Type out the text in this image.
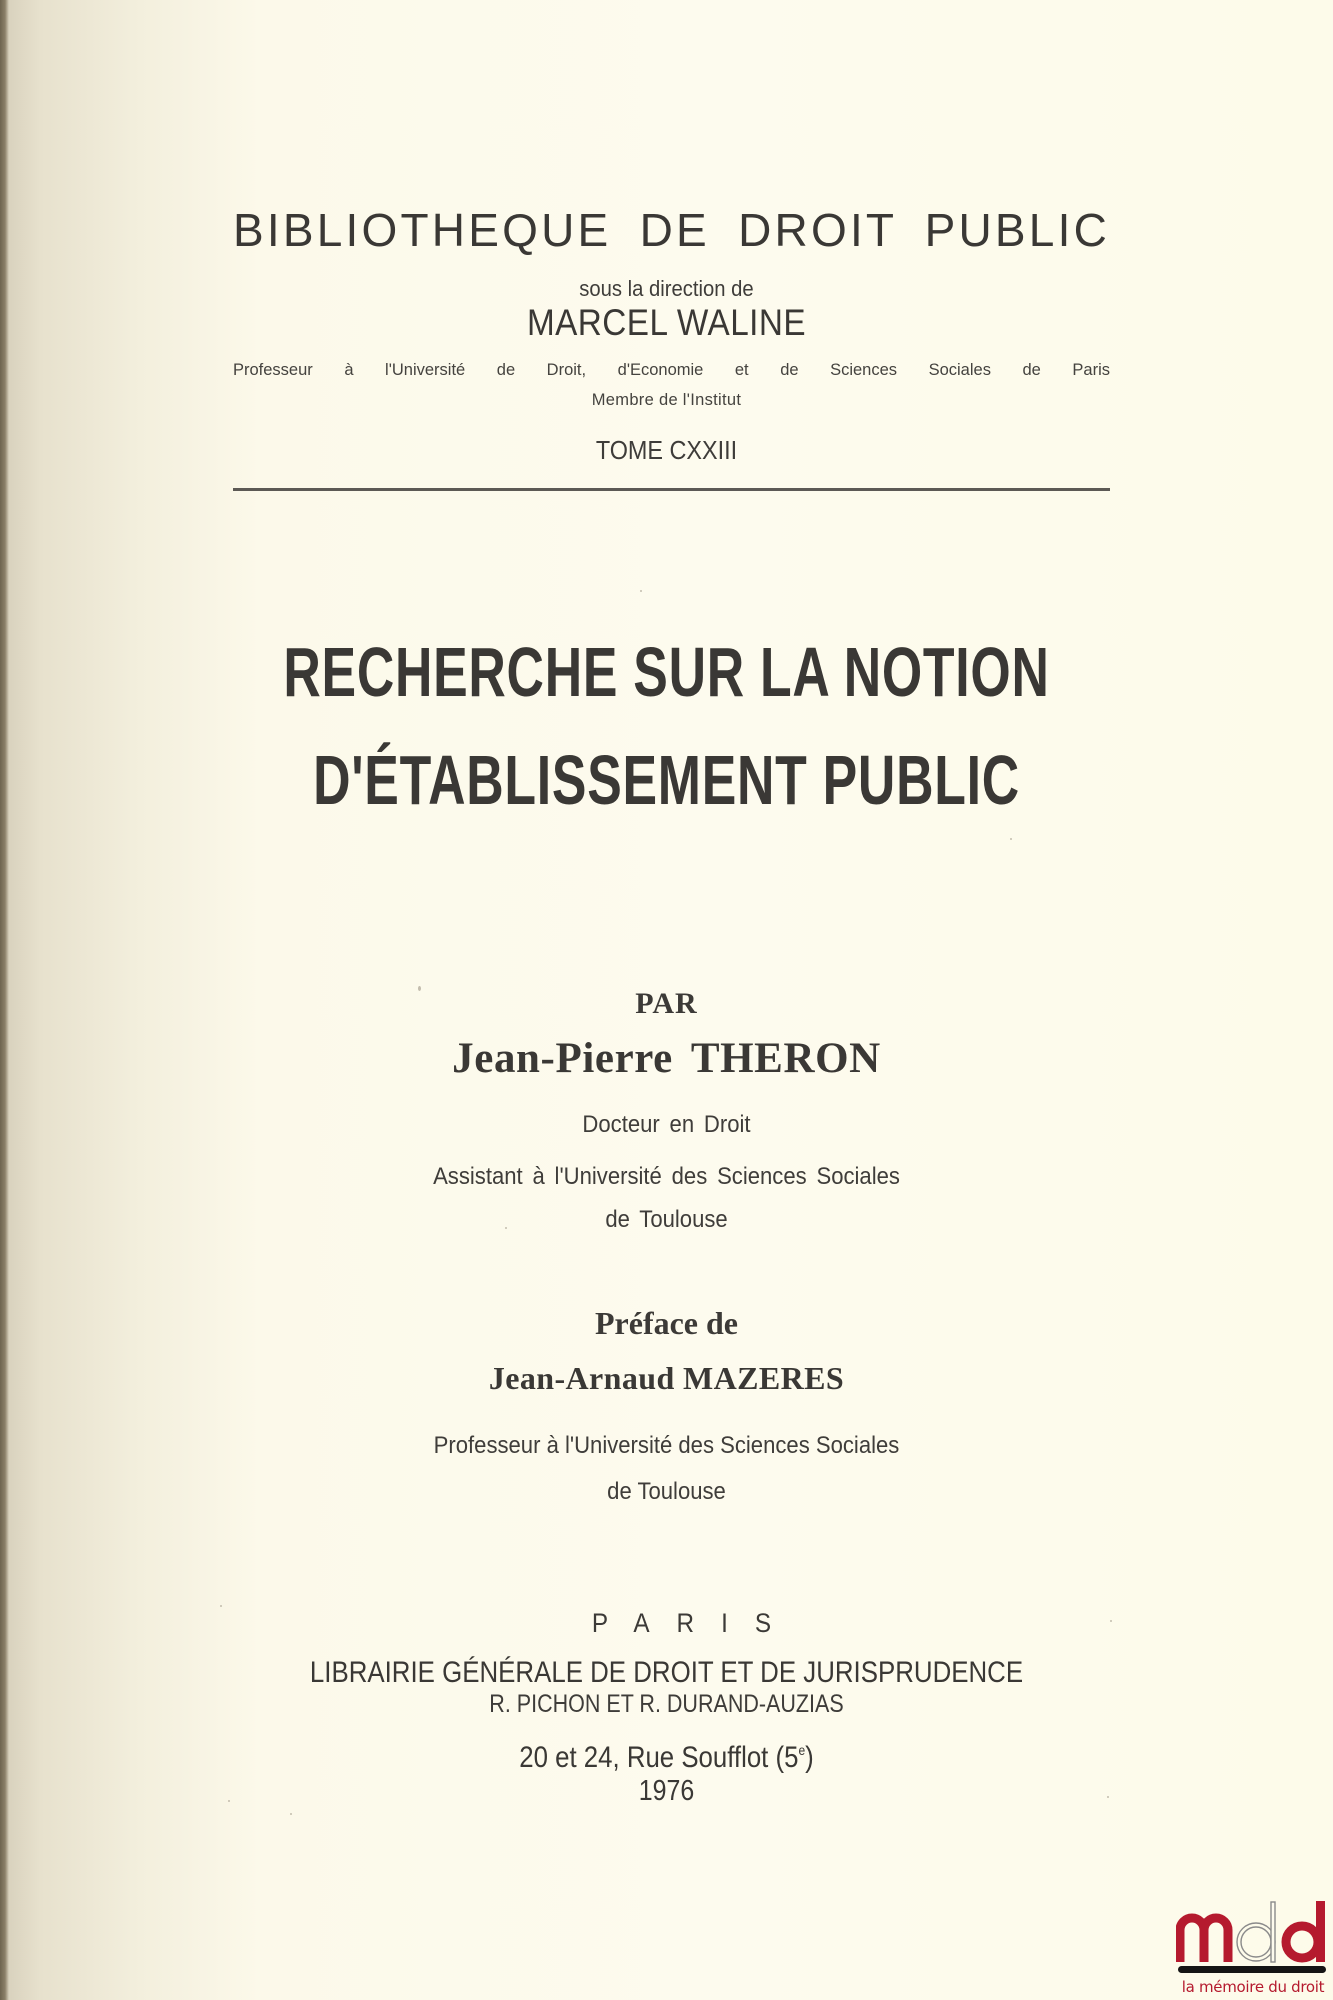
BIBLIOTHEQUE DE DROIT PUBLIC
sous la direction de
MARCEL WALINE
Professeur à l'Université de Droit, d'Economie et de Sciences Sociales de Paris
Membre de l'Institut
TOME CXXIII
RECHERCHE SUR LA NOTION
D'ÉTABLISSEMENT PUBLIC
PAR
Jean-Pierre THERON
Docteur en Droit
Assistant à l'Université des Sciences Sociales
de Toulouse
Préface de
Jean-Arnaud MAZERES
Professeur à l'Université des Sciences Sociales
de Toulouse
PARIS
LIBRAIRIE GÉNÉRALE DE DROIT ET DE JURISPRUDENCE
R. PICHON ET R. DURAND-AUZIAS
20 et 24, Rue Soufflot (5e)
1976
la mémoire du droit
